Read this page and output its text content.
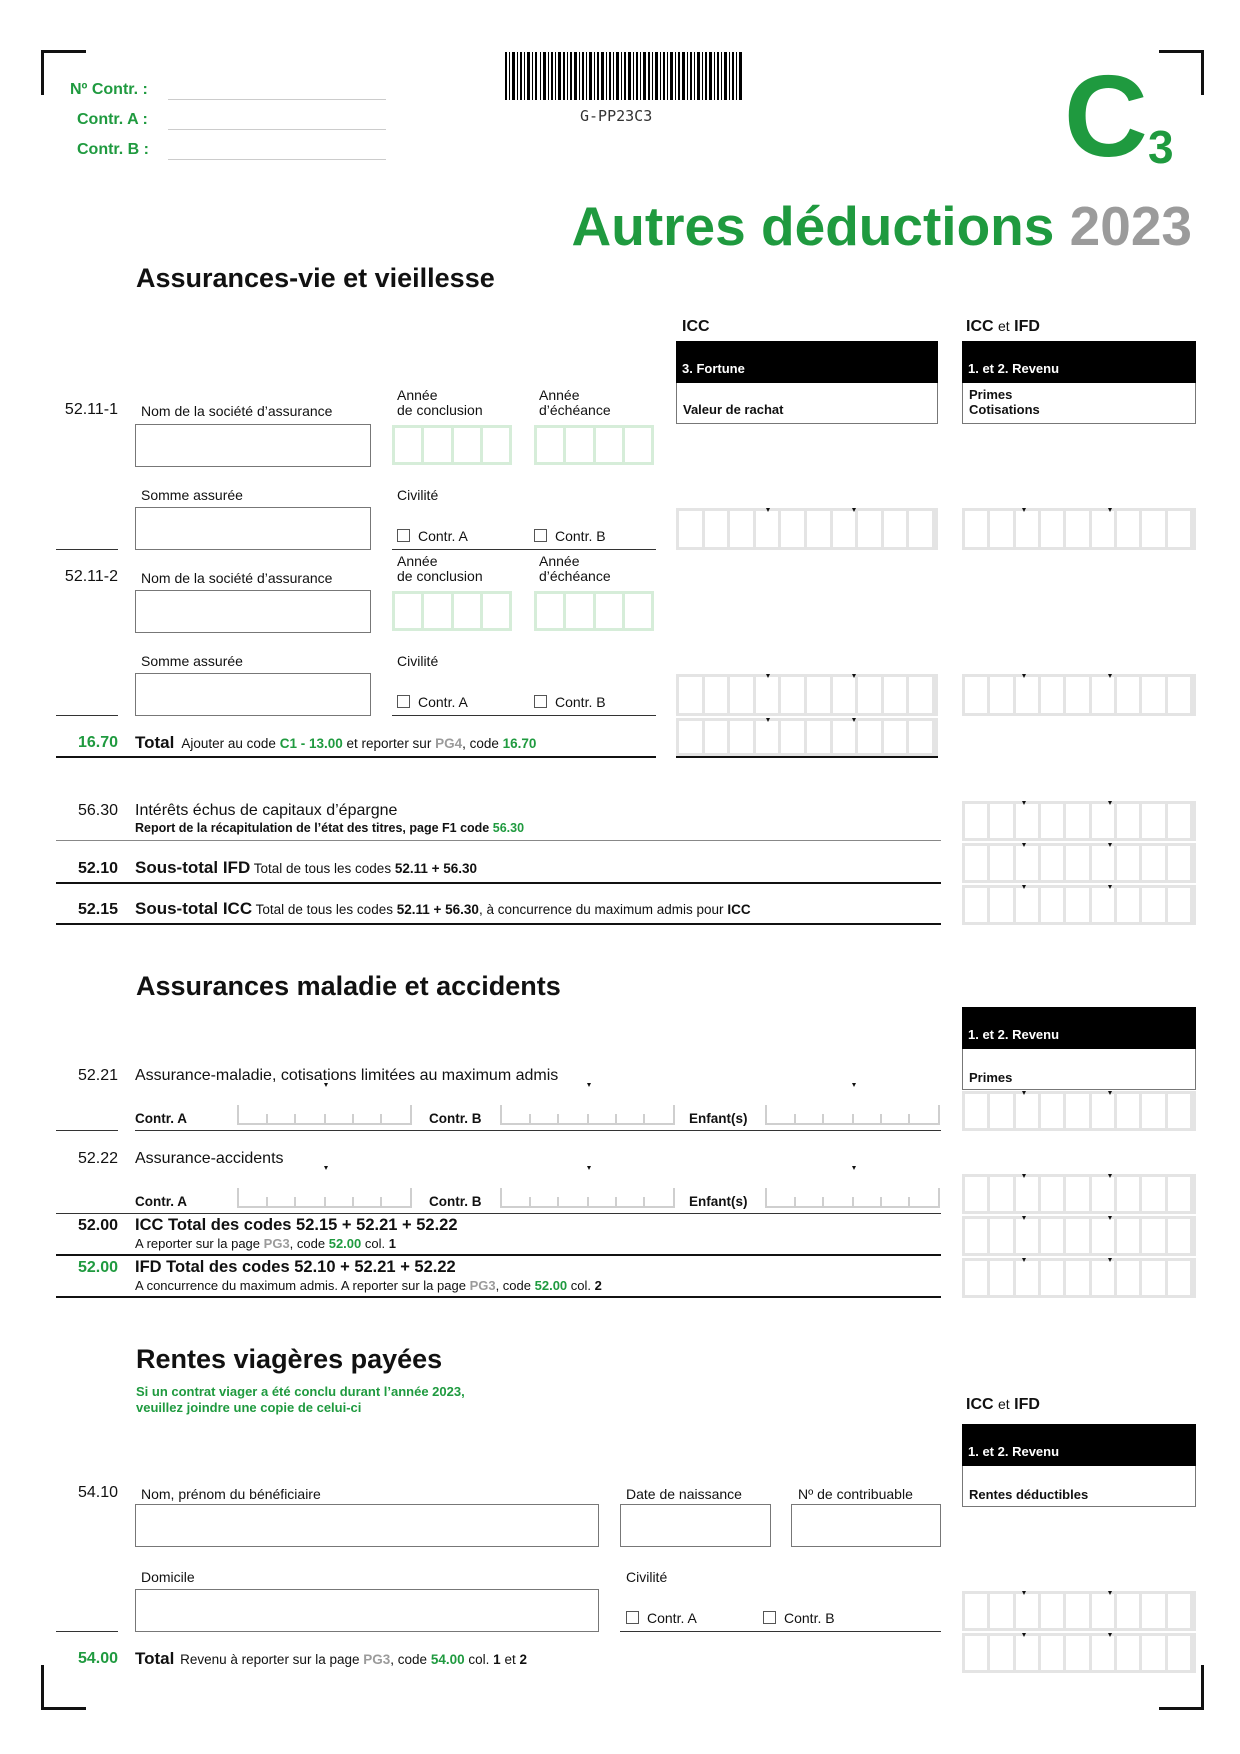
Nº Contr. :
Contr. A :
Contr. B :
G-PP23C3	C 3
Autres déductions 2023
Assurances-vie et vieillesse
ICC	ICC et IFD
3. Fortune
Valeur de rachat
1. et 2. Revenu
Primes
Cotisations
52.11-1 Nom de la société d’assurance
Année
de conclusion
Année
d’échéance
Somme assurée	Civilité
Contr. A	Contr. B
52.11-2 Nom de la société d’assurance
Année
de conclusion
Année
d’échéance
Somme assurée	Civilité
Contr. A	Contr. B
16.70 Total Ajouter au code C1 - 13.00 et reporter sur PG4, code 16.70
56.30 Intérêts échus de capitaux d’épargne
Report de la récapitulation de l’état des titres, page F1 code 56.30
52.10 Sous-total IFD Total de tous les codes 52.11 + 56.30
52.15 Sous-total ICC Total de tous les codes 52.11 + 56.30, à concurrence du maximum admis pour ICC
Assurances maladie et accidents
1. et 2. Revenu
Primes
52.21 Assurance-maladie, cotisations limitées au maximum admis
Contr. A	Contr. B	Enfant(s)
52.22 Assurance-accidents
Contr. A	Contr. B	Enfant(s)
52.00 ICC Total des codes 52.15 + 52.21 + 52.22
A reporter sur la page PG3, code 52.00 col. 1
52.00 IFD Total des codes 52.10 + 52.21 + 52.22
A concurrence du maximum admis. A reporter sur la page PG3, code 52.00 col. 2
Rentes viagères payées
Si un contrat viager a été conclu durant l’année 2023,
veuillez joindre une copie de celui-ci	ICC et IFD
1. et 2. Revenu
Rentes déductibles
54.10 Nom, prénom du bénéficiaire	Date de naissance	Nº de contribuable
Domicile	Civilité
Contr. A	Contr. B
54.00 Total Revenu à reporter sur la page PG3, code 54.00 col. 1 et 2
